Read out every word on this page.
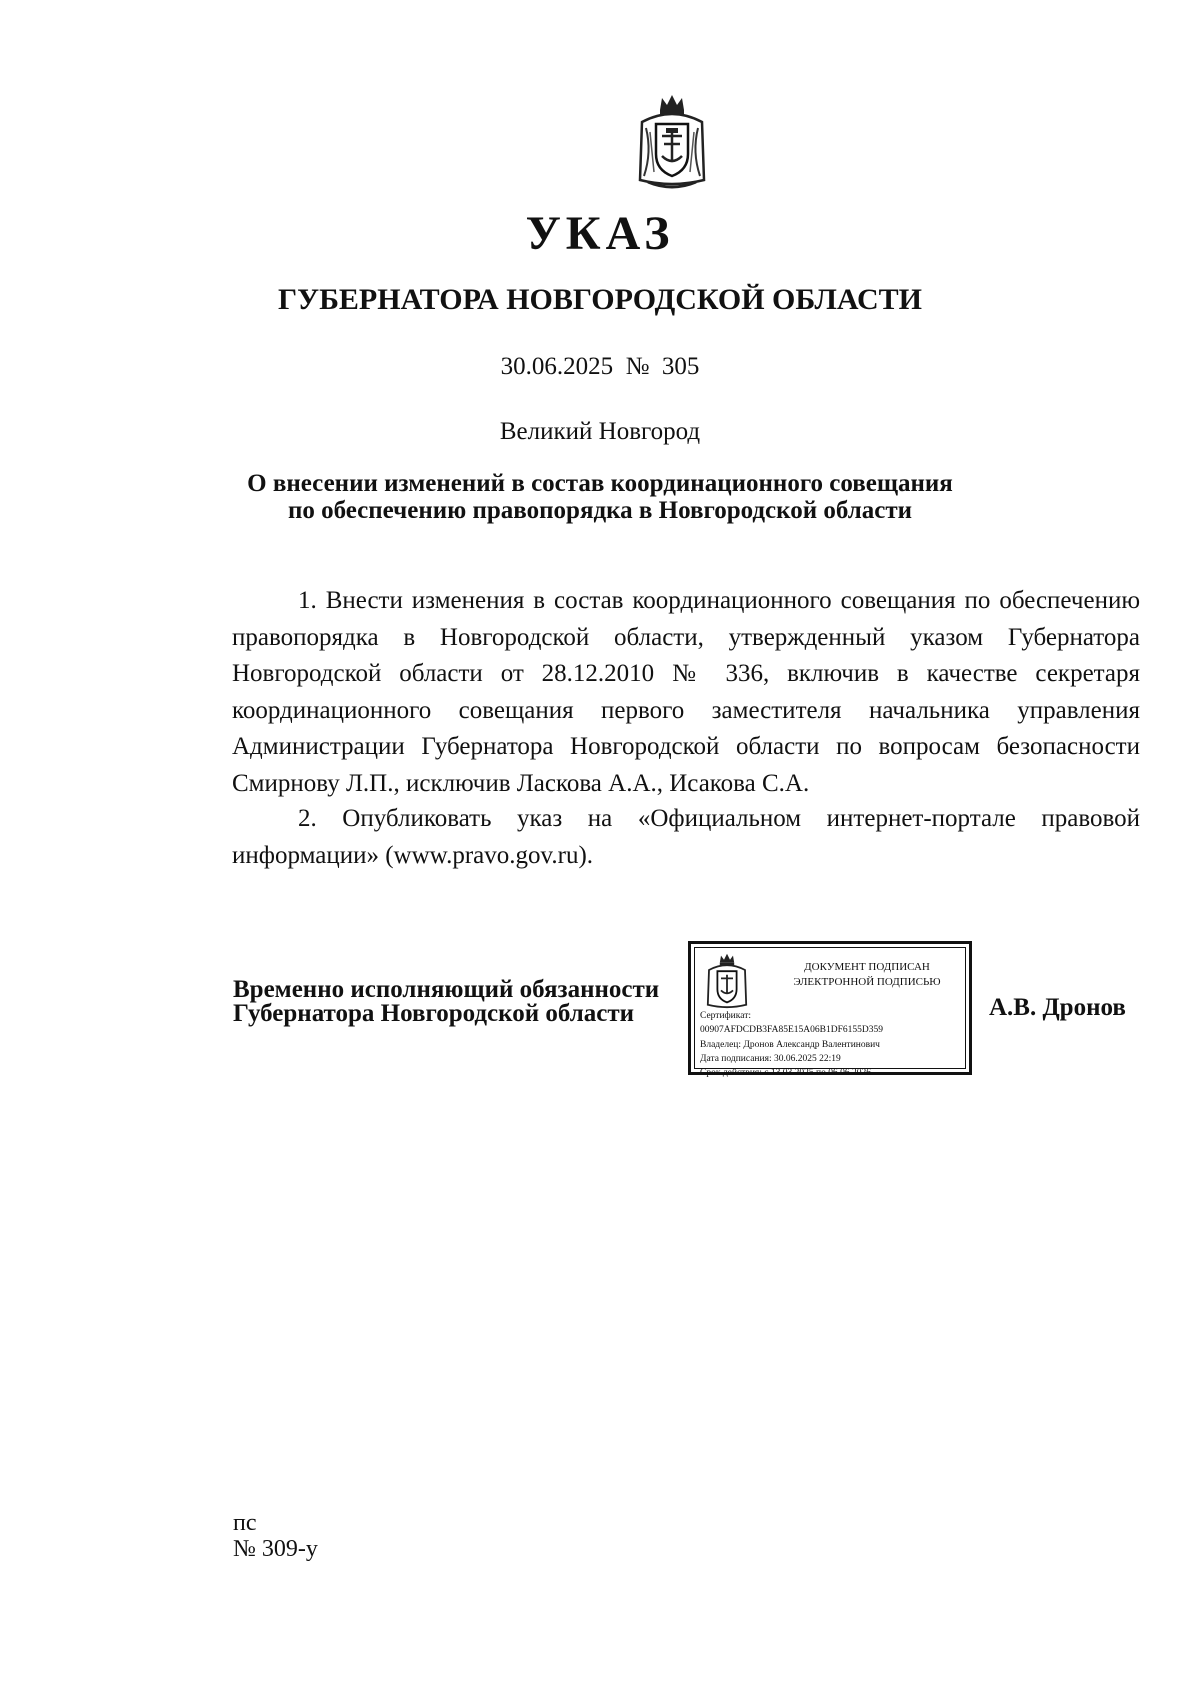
УКАЗ
ГУБЕРНАТОРА НОВГОРОДСКОЙ ОБЛАСТИ
30.06.2025  №  305
Великий Новгород
О внесении изменений в состав координационного совещания
по обеспечению правопорядка в Новгородской области
1. Внести изменения в состав координационного совещания по обеспечению правопорядка в Новгородской области, утвержденный указом Губернатора Новгородской области от 28.12.2010 № 336, включив в качестве секретаря координационного совещания первого заместителя начальника управления Администрации Губернатора Новгородской области по вопросам безопасности Смирнову Л.П., исключив Ласкова А.А., Исакова С.А.
2. Опубликовать указ на «Официальном интернет-портале правовой информации» (www.pravo.gov.ru).
Временно исполняющий обязанности
Губернатора Новгородской области
ДОКУМЕНТ ПОДПИСАН
ЭЛЕКТРОННОЙ ПОДПИСЬЮ
Сертификат:
00907AFDCDB3FA85E15A06B1DF6155D359
Владелец: Дронов Александр Валентинович
Дата подписания: 30.06.2025 22:19
Срок действия: с 13.03.2025 по 06.06.2026
А.В. Дронов
пс
№ 309-у
